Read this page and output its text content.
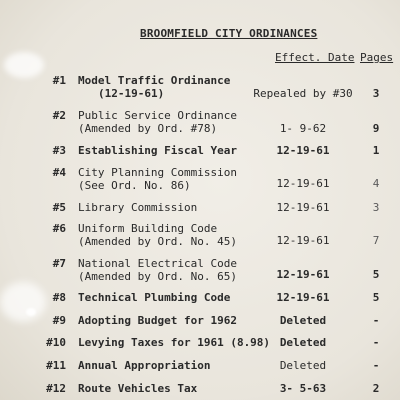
BROOMFIELD CITY ORDINANCES
Effect. Date Pages
#1 Model Traffic Ordinance
(12-19-61)	Repealed by #30	3
#2 Public Service Ordinance
(Amended by Ord. #78)	1- 9-62	9
#3 Establishing Fiscal Year	12-19-61	1
#4 City Planning Commission
(See Ord. No. 86)	12-19-61	4
#5 Library Commission	12-19-61	3
#6 Uniform Building Code
(Amended by Ord. No. 45)	12-19-61	7
#7 National Electrical Code
(Amended by Ord. No. 65)	12-19-61	5
#8 Technical Plumbing Code	12-19-61	5
#9 Adopting Budget for 1962	Deleted	-
#10 Levying Taxes for 1961 (8.98) Deleted	-
#11 Annual Appropriation	Deleted	-
#12 Route Vehicles Tax	3- 5-63	2
